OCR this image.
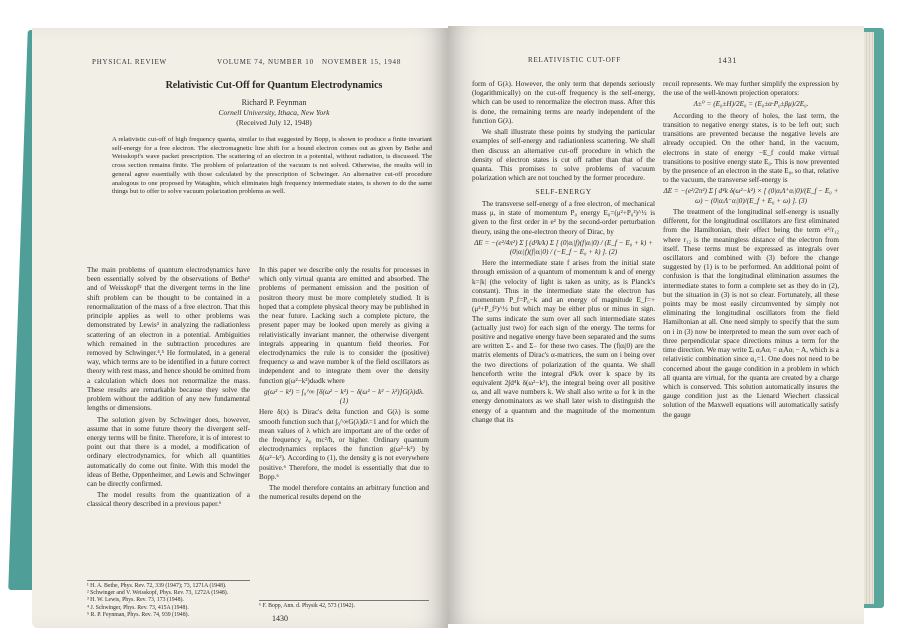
PHYSICAL REVIEW	VOLUME 74, NUMBER 10 NOVEMBER 15, 1948
Relativistic Cut-Off for Quantum Electrodynamics
Richard P. Feynman
Cornell University, Ithaca, New York
(Received July 12, 1948)
A relativistic cut-off of high frequency quanta, similar to that suggested by Bopp, is shown to produce a finite invariant self-energy for a free electron. The electromagnetic line shift for a bound electron comes out as given by Bethe and Weisskopf's wave packet prescription. The scattering of an electron in a potential, without radiation, is discussed. The cross section remains finite. The problem of polarization of the vacuum is not solved. Otherwise, the results will in general agree essentially with those calculated by the prescription of Schwinger. An alternative cut-off procedure analogous to one proposed by Wataghin, which eliminates high frequency intermediate states, is shown to do the same things but to offer to solve vacuum polarization problems as well.

The main problems of quantum electrodynamics have been essentially solved by the observations of Bethe¹ and of Weisskopf² that the divergent terms in the line shift problem can be thought to be contained in a renormalization of the mass of a free electron. That this principle applies as well to other problems was demonstrated by Lewis³ in analyzing the radiationless scattering of an electron in a potential. Ambiguities which remained in the subtraction procedures are removed by Schwinger.⁴,⁵ He formulated, in a general way, which terms are to be identified in a future correct theory with rest mass, and hence should be omitted from a calculation which does not renormalize the mass. These results are remarkable because they solve the problem without the addition of any new fundamental lengths or dimensions.

The solution given by Schwinger does, however, assume that in some future theory the divergent self-energy terms will be finite. Therefore, it is of interest to point out that there is a model, a modification of ordinary electrodynamics, for which all quantities automatically do come out finite. With this model the ideas of Bethe, Oppenheimer, and Lewis and Schwinger can be directly confirmed.

The model results from the quantization of a classical theory described in a previous paper.⁶

In this paper we describe only the results for processes in which only virtual quanta are emitted and absorbed. The problems of permanent emission and the position of positron theory must be more completely studied. It is hoped that a complete physical theory may be published in the near future. Lacking such a complete picture, the present paper may be looked upon merely as giving a relativistically invariant manner, the otherwise divergent integrals appearing in quantum field theories. For electrodynamics the rule is to consider the (positive) frequency ω and wave number k of the field oscillators as independent and to integrate them over the density function g(ω²−k²)dωdk where

g(ω² − k²) = ∫₀^∞ [δ(ω² − k²) − δ(ω² − k² − λ²)]G(λ)dλ. (1)

Here δ(x) is Dirac's delta function and G(λ) is some smooth function such that ∫₀^∞G(λ)dλ=1 and for which the mean values of λ which are important are of the order of the frequency λ₀ mc²/ħ, or higher. Ordinary quantum electrodynamics replaces the function g(ω²−k²) by δ(ω²−k²). According to (1), the density g is not everywhere positive.⁶ Therefore, the model is essentially that due to Bopp.⁶

The model therefore contains an arbitrary function and the numerical results depend on the

¹ H. A. Bethe, Phys. Rev. 72, 339 (1947); 73, 1271A (1948).
² Schwinger and V. Weisskopf, Phys. Rev. 73, 1272A (1948).
³ H. W. Lewis, Phys. Rev. 73, 173 (1948).
⁴ J. Schwinger, Phys. Rev. 73, 415A (1948).
⁵ R. P. Feynman, Phys. Rev. 74, 939 (1948).
⁶ F. Bopp, Ann. d. Physik 42, 573 (1942).
1430
RELATIVISTIC CUT-OFF	1431

form of G(λ). However, the only term that depends seriously (logarithmically) on the cut-off frequency is the self-energy, which can be used to renormalize the electron mass. After this is done, the remaining terms are nearly independent of the function G(λ).

We shall illustrate these points by studying the particular examples of self-energy and radiationless scattering. We shall then discuss an alternative cut-off procedure in which the density of electron states is cut off rather than that of the quanta. This promises to solve problems of vacuum polarization which are not touched by the former procedure.

SELF-ENERGY

The transverse self-energy of a free electron, of mechanical mass μ, in state of momentum P₀ energy E₀=(μ²+P₀²)^½ is given to the first order in e² by the second-order perturbation theory, using the one-electron theory of Dirac, by

ΔE = −(e²/4π²) Σ ∫ (d³k/k) Σ [ (0|αᵢ|f)(f|αᵢ|0) / (E_f − E₀ + k) + (0|αᵢ|f)(f|αᵢ|0) / (−E_f − E₀ + k) ]. (2)

Here the intermediate state f arises from the initial state through emission of a quantum of momentum k and of energy k=|k| (the velocity of light is taken as unity, as is Planck's constant). Thus in the intermediate state the electron has momentum P_f=P₀−k and an energy of magnitude E_f=+(μ²+P_f²)^½ but which may be either plus or minus in sign. The sums indicate the sum over all such intermediate states (actually just two) for each sign of the energy. The terms for positive and negative energy have been separated and the sums are written Σ₊ and Σ₋ for these two cases. The (f|αᵢ|0) are the matrix elements of Dirac's α-matrices, the sum on i being over the two directions of polarization of the quanta. We shall henceforth write the integral d³k/k over k space by its equivalent 2∫d⁴k δ(ω²−k²), the integral being over all positive ω, and all wave numbers k. We shall also write ω for k in the energy denominators as we shall later wish to distinguish the energy of a quantum and the magnitude of the momentum change that its

recoil represents. We may further simplify the expression by the use of the well-known projection operators:

Λ±⁰ = (E₀±H)/2E₀ = (E₀±α·P₀±βμ)/2E₀.

According to the theory of holes, the last term, the transition to negative energy states, is to be left out; such transitions are prevented because the negative levels are already occupied. On the other hand, in the vacuum, electrons in state of energy −E_f could make virtual transitions to positive energy state E₀. This is now prevented by the presence of an electron in the state E₀, so that, relative to the vacuum, the transverse self-energy is

ΔE = −(e²/2π²) Σ ∫ d⁴k δ(ω²−k²) × [ (0|αᵢΛ⁺αᵢ|0)/(E_f − E₀ + ω) − (0|αᵢΛ⁻αᵢ|0)/(E_f + E₀ + ω) ]. (3)

The treatment of the longitudinal self-energy is usually different, for the longitudinal oscillators are first eliminated from the Hamiltonian, their effect being the term e²/r₁₂ where r₁₂ is the meaningless distance of the electron from itself. These terms must be expressed as integrals over oscillators and combined with (3) before the change suggested by (1) is to be performed. An additional point of confusion is that the longitudinal elimination assumes the intermediate states to form a complete set as they do in (2), but the situation in (3) is not so clear. Fortunately, all these points may be most easily circumvented by simply not eliminating the longitudinal oscillators from the field Hamiltonian at all. One need simply to specify that the sum on i in (3) now be interpreted to mean the sum over each of three perpendicular space directions minus a term for the time direction. We may write Σᵢ αᵢAαᵢ = αᵢAαᵢ − A, which is a relativistic combination since α₄=1. One does not need to be concerned about the gauge condition in a problem in which all quanta are virtual, for the quanta are created by a charge which is conserved. This solution automatically insures the gauge condition just as the Lienard Wiechert classical solution of the Maxwell equations will automatically satisfy the gauge
